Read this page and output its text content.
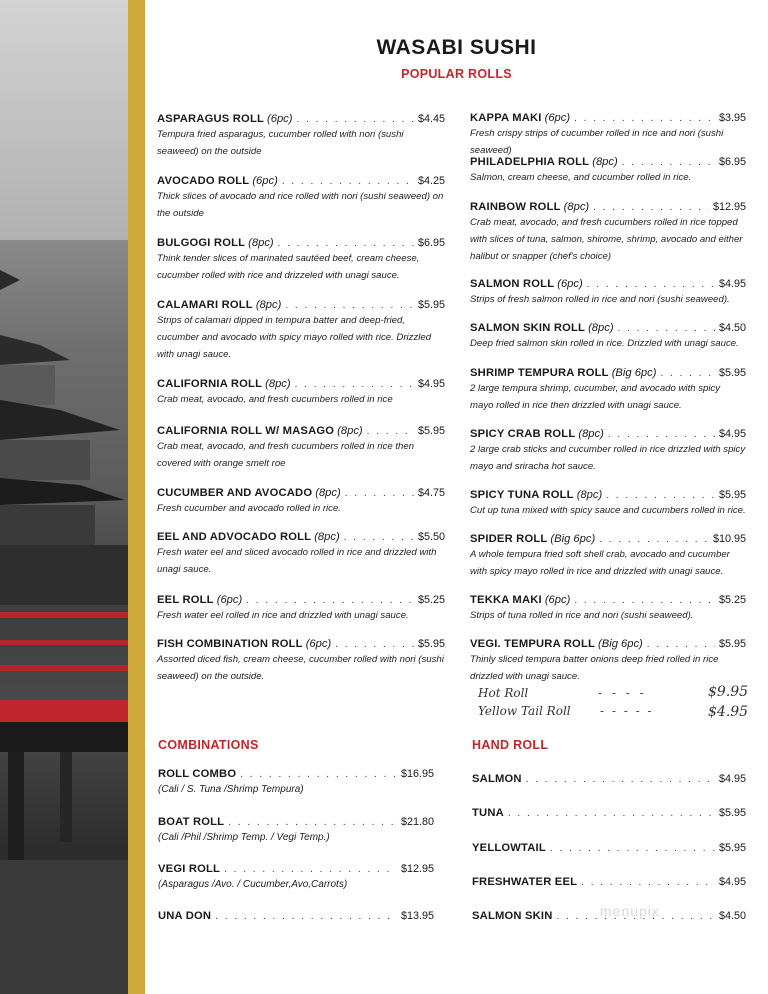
WASABI SUSHI
POPULAR ROLLS
ASPARAGUS ROLL (6pc) . . .	$4.45
Tempura fried asparagus, cucumber rolled with nori (sushi seaweed) on the outside
AVOCADO ROLL (6pc) . . .	$4.25
Thick slices of avocado and rice rolled with nori (sushi seaweed) on the outside
BULGOGI ROLL (8pc) . . .	$6.95
Think tender slices of marinated sautéed beef, cream cheese, cucumber rolled with rice and drizzeled with unagi sauce.
CALAMARI ROLL (8pc) . . .	$5.95
Strips of calamari dipped in tempura batter and deep-fried, cucumber and avocado with spicy mayo rolled with rice. Drizzled with unagi sauce.
CALIFORNIA ROLL (8pc) . . .	$4.95
Crab meat, avocado, and fresh cucumbers rolled in rice
CALIFORNIA ROLL W/ MASAGO (8pc) . . .	$5.95
Crab meat, avocado, and fresh cucumbers rolled in rice then covered with orange smelt roe
CUCUMBER AND AVOCADO (8pc) . . .	$4.75
Fresh cucumber and avocado rolled in rice.
EEL AND ADVOCADO ROLL (8pc) . . .	$5.50
Fresh water eel and sliced avocado rolled in rice and drizzled with unagi sauce.
EEL ROLL (6pc) . . .	$5.25
Fresh water eel rolled in rice and drizzled with unagi sauce.
FISH COMBINATION ROLL (6pc) . . .	$5.95
Assorted diced fish, cream cheese, cucumber rolled with nori (sushi seaweed) on the outside.
KAPPA MAKI (6pc) . . .	$3.95
Fresh crispy strips of cucumber rolled in rice and nori (sushi seaweed)
PHILADELPHIA ROLL (8pc) . . .	$6.95
Salmon, cream cheese, and cucumber rolled in rice.
RAINBOW ROLL (8pc) . . .	$12.95
Crab meat, avocado, and fresh cucumbers rolled in rice topped with slices of tuna, salmon, shirome, shrimp, avocado and either halibut or snapper (chef's choice)
SALMON ROLL (6pc) . . .	$4.95
Strips of fresh salmon rolled in rice and nori (sushi seaweed).
SALMON SKIN ROLL (8pc) . . .	$4.50
Deep fried salmon skin rolled in rice. Drizzled with unagi sauce.
SHRIMP TEMPURA ROLL (Big 6pc) . . .	$5.95
2 large tempura shrimp, cucumber, and avocado with spicy mayo rolled in rice then drizzled with unagi sauce.
SPICY CRAB ROLL (8pc) . . .	$4.95
2 large crab sticks and cucumber rolled in rice drizzled with spicy mayo and sriracha hot sauce.
SPICY TUNA ROLL (8pc) . . .	$5.95
Cut up tuna mixed with spicy sauce and cucumbers rolled in rice.
SPIDER ROLL (Big 6pc) . . .	$10.95
A whole tempura fried soft shell crab, avocado and cucumber with spicy mayo rolled in rice and drizzled with unagi sauce.
TEKKA MAKI (6pc) . . .	$5.25
Strips of tuna rolled in rice and nori (sushi seaweed).
VEGI. TEMPURA ROLL (Big 6pc) . . .	$5.95
Thinly sliced tempura batter onions deep fried rolled in rice drizzled with unagi sauce.
Hot Roll	- - - -	$9.95
Yellow Tail Roll - - - - -	$4.95
COMBINATIONS
ROLL COMBO . . .	$16.95
(Cali / S. Tuna /Shrimp Tempura)
BOAT ROLL . . .	$21.80
(Cali /Phil /Shrimp Temp. / Vegi Temp.)
VEGI ROLL . . .	$12.95
(Asparagus /Avo. / Cucumber,Avo,Carrots)
UNA DON . . .	$13.95
HAND ROLL
SALMON . . .	$4.95
TUNA . . .	$5.95
YELLOWTAIL . . .	$5.95
FRESHWATER EEL . . .	$4.95
SALMON SKIN . . .	$4.50
menupix
